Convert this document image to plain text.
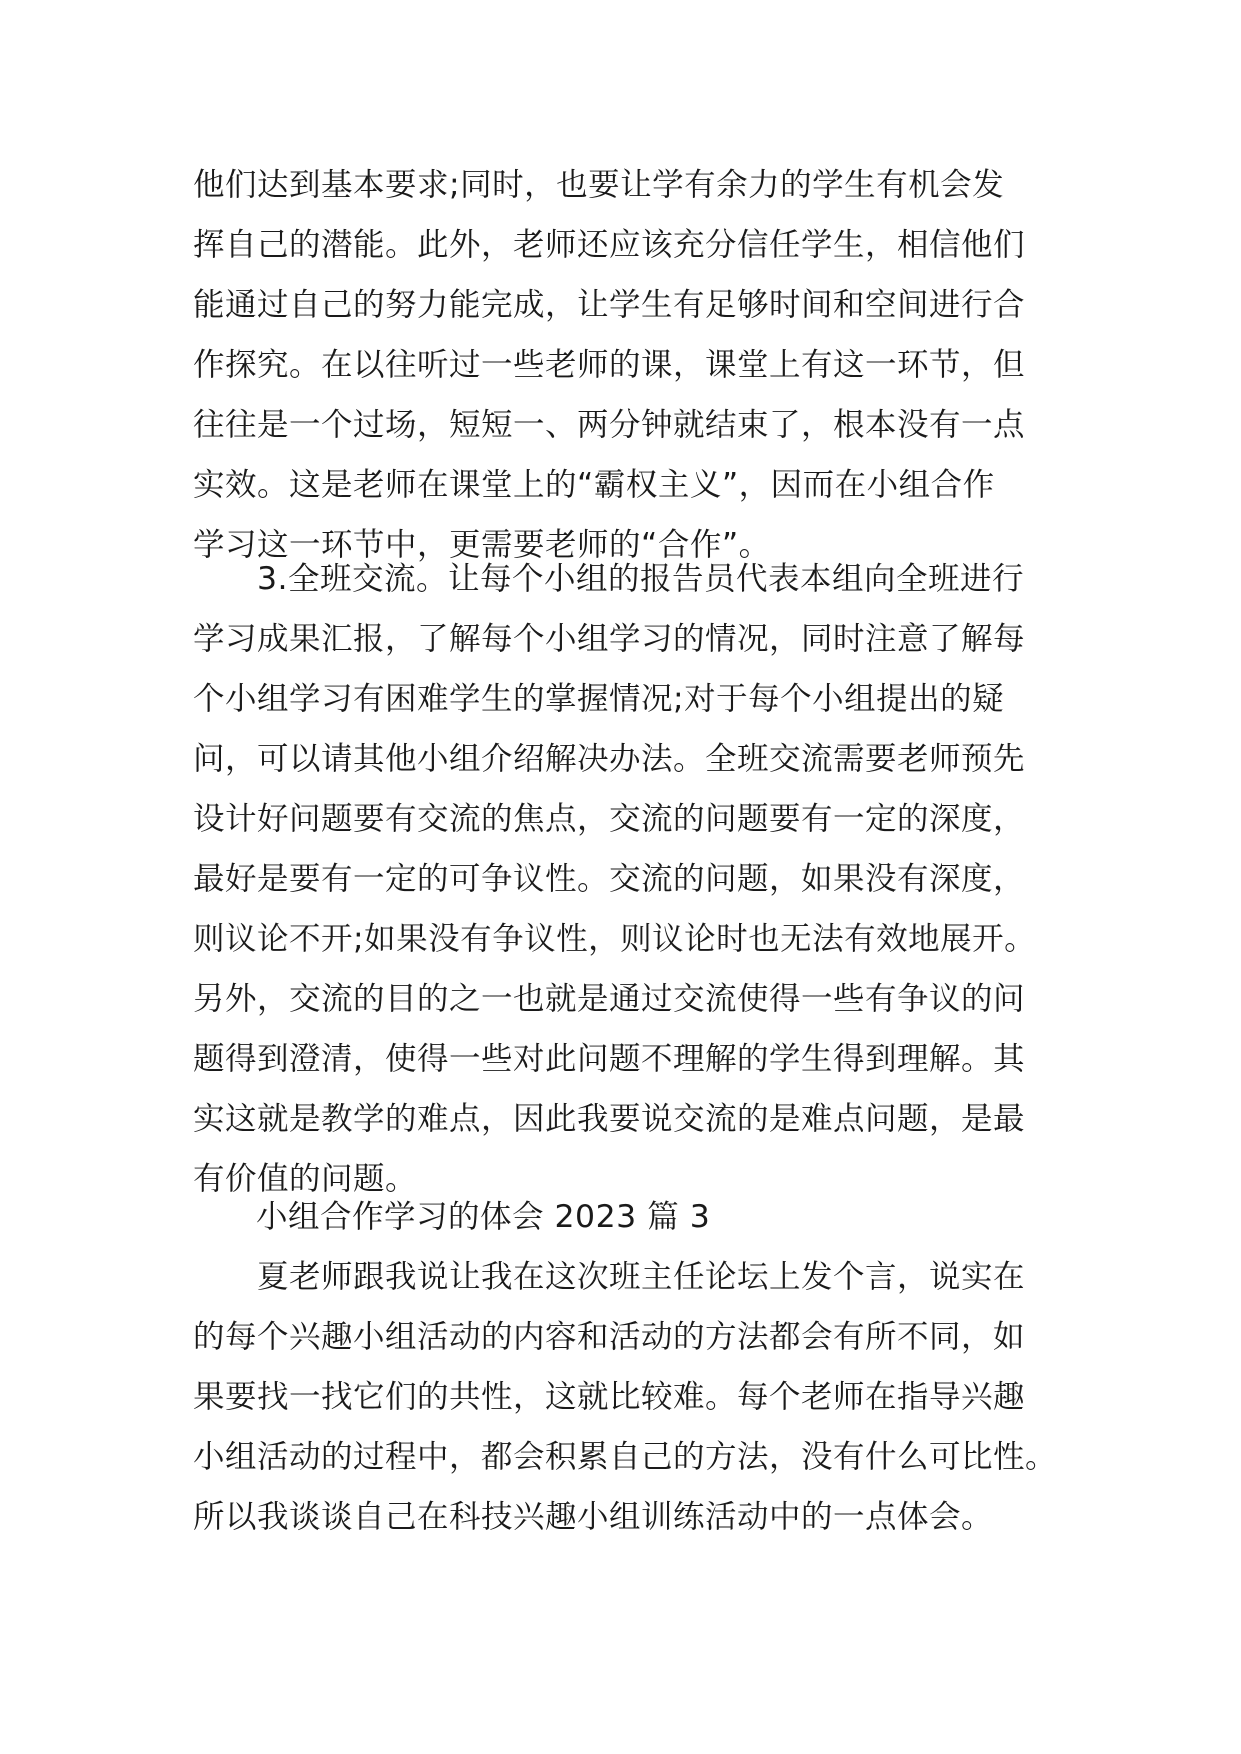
他们达到基本要求;同时，也要让学有余力的学生有机会发
挥自己的潜能。此外，老师还应该充分信任学生，相信他们
能通过自己的努力能完成，让学生有足够时间和空间进行合
作探究。在以往听过一些老师的课，课堂上有这一环节，但
往往是一个过场，短短一、两分钟就结束了，根本没有一点
实效。这是老师在课堂上的“霸权主义”，因而在小组合作
学习这一环节中，更需要老师的“合作”。
　　3.全班交流。让每个小组的报告员代表本组向全班进行
学习成果汇报，了解每个小组学习的情况，同时注意了解每
个小组学习有困难学生的掌握情况;对于每个小组提出的疑
问，可以请其他小组介绍解决办法。全班交流需要老师预先
设计好问题要有交流的焦点，交流的问题要有一定的深度，
最好是要有一定的可争议性。交流的问题，如果没有深度，
则议论不开;如果没有争议性，则议论时也无法有效地展开。
另外，交流的目的之一也就是通过交流使得一些有争议的问
题得到澄清，使得一些对此问题不理解的学生得到理解。其
实这就是教学的难点，因此我要说交流的是难点问题，是最
有价值的问题。
小组合作学习的体会 2023 篇 3
　　夏老师跟我说让我在这次班主任论坛上发个言，说实在
的每个兴趣小组活动的内容和活动的方法都会有所不同，如
果要找一找它们的共性，这就比较难。每个老师在指导兴趣
小组活动的过程中，都会积累自己的方法，没有什么可比性。
所以我谈谈自己在科技兴趣小组训练活动中的一点体会。
